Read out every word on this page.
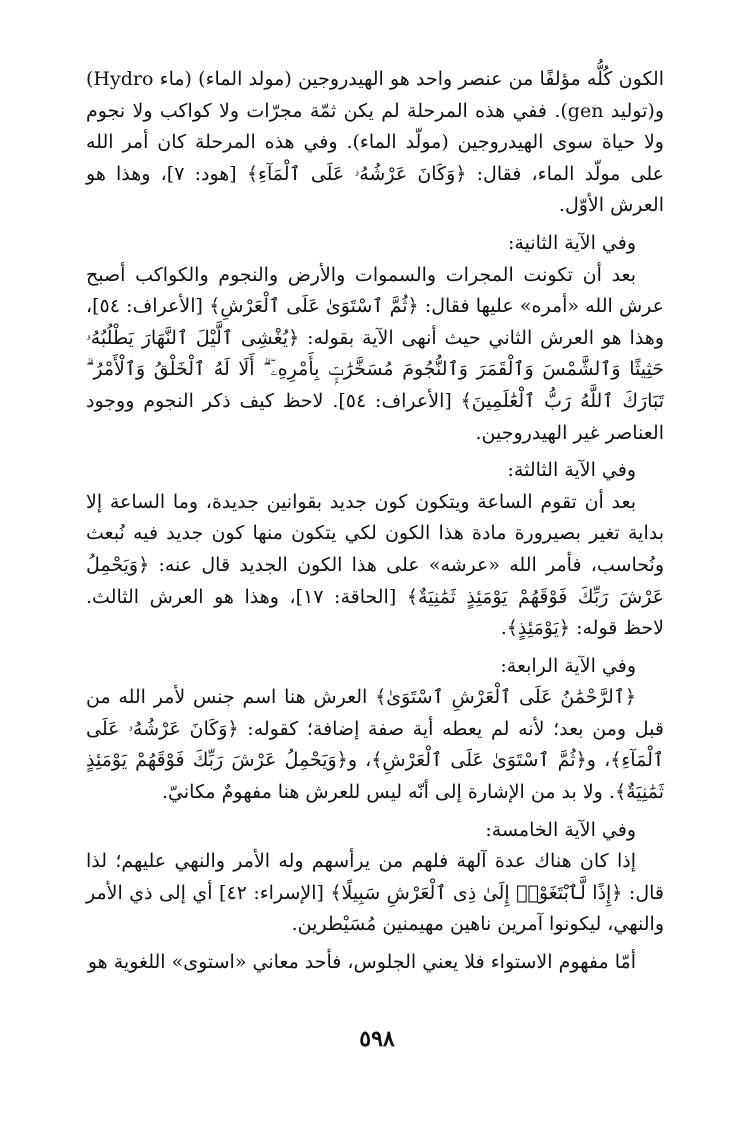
الكون كُلُّه مؤلفًا من عنصر واحد هو الهيدروجين (مولد الماء) (ماء Hydro) و(توليد gen). ففي هذه المرحلة لم يكن ثمّة مجرّات ولا كواكب ولا نجوم ولا حياة سوى الهيدروجين (مولّد الماء). وفي هذه المرحلة كان أمر الله على مولّد الماء، فقال: ﴿وَكَانَ عَرْشُهُۥ عَلَى ٱلْمَآءِ﴾ [هود: ٧]، وهذا هو العرش الأوّل.

وفي الآية الثانية:

بعد أن تكونت المجرات والسموات والأرض والنجوم والكواكب أصبح عرش الله «أمره» عليها فقال: ﴿ثُمَّ ٱسْتَوَىٰ عَلَى ٱلْعَرْشِ﴾ [الأعراف: ٥٤]، وهذا هو العرش الثاني حيث أنهى الآية بقوله: ﴿يُغْشِى ٱلَّيْلَ ٱلنَّهَارَ يَطْلُبُهُۥ حَثِيثًا وَٱلشَّمْسَ وَٱلْقَمَرَ وَٱلنُّجُومَ مُسَخَّرَٰتٍۭ بِأَمْرِهِۦٓ ۗ أَلَا لَهُ ٱلْخَلْقُ وَٱلْأَمْرُ ۗ تَبَارَكَ ٱللَّهُ رَبُّ ٱلْعَٰلَمِينَ﴾ [الأعراف: ٥٤]. لاحظ كيف ذكر النجوم ووجود العناصر غير الهيدروجين.

وفي الآية الثالثة:

بعد أن تقوم الساعة ويتكون كون جديد بقوانين جديدة، وما الساعة إلا بداية تغير بصيرورة مادة هذا الكون لكي يتكون منها كون جديد فيه نُبعث ونُحاسب، فأمر الله «عرشه» على هذا الكون الجديد قال عنه: ﴿وَيَحْمِلُ عَرْشَ رَبِّكَ فَوْقَهُمْ يَوْمَئِذٍ ثَمَٰنِيَةٌ﴾ [الحاقة: ١٧]، وهذا هو العرش الثالث. لاحظ قوله: ﴿يَوْمَئِذٍ﴾.

وفي الآية الرابعة:

﴿ٱلرَّحْمَٰنُ عَلَى ٱلْعَرْشِ ٱسْتَوَىٰ﴾ العرش هنا اسم جنس لأمر الله من قبل ومن بعد؛ لأنه لم يعطه أية صفة إضافة؛ كقوله: ﴿وَكَانَ عَرْشُهُۥ عَلَى ٱلْمَآءِ﴾، و﴿ثُمَّ ٱسْتَوَىٰ عَلَى ٱلْعَرْشِ﴾، و﴿وَيَحْمِلُ عَرْشَ رَبِّكَ فَوْقَهُمْ يَوْمَئِذٍ ثَمَٰنِيَةٌ﴾. ولا بد من الإشارة إلى أنّه ليس للعرش هنا مفهومٌ مكانيّ.

وفي الآية الخامسة:

إذا كان هناك عدة آلهة فلهم من يرأسهم وله الأمر والنهي عليهم؛ لذا قال: ﴿إِذًا لَّٱبْتَغَوْا۟ إِلَىٰ ذِى ٱلْعَرْشِ سَبِيلًا﴾ [الإسراء: ٤٢] أي إلى ذي الأمر والنهي، ليكونوا آمرين ناهين مهيمنين مُسَيْطرين.

أمّا مفهوم الاستواء فلا يعني الجلوس، فأحد معاني «استوى» اللغوية هو

٥٩٨
